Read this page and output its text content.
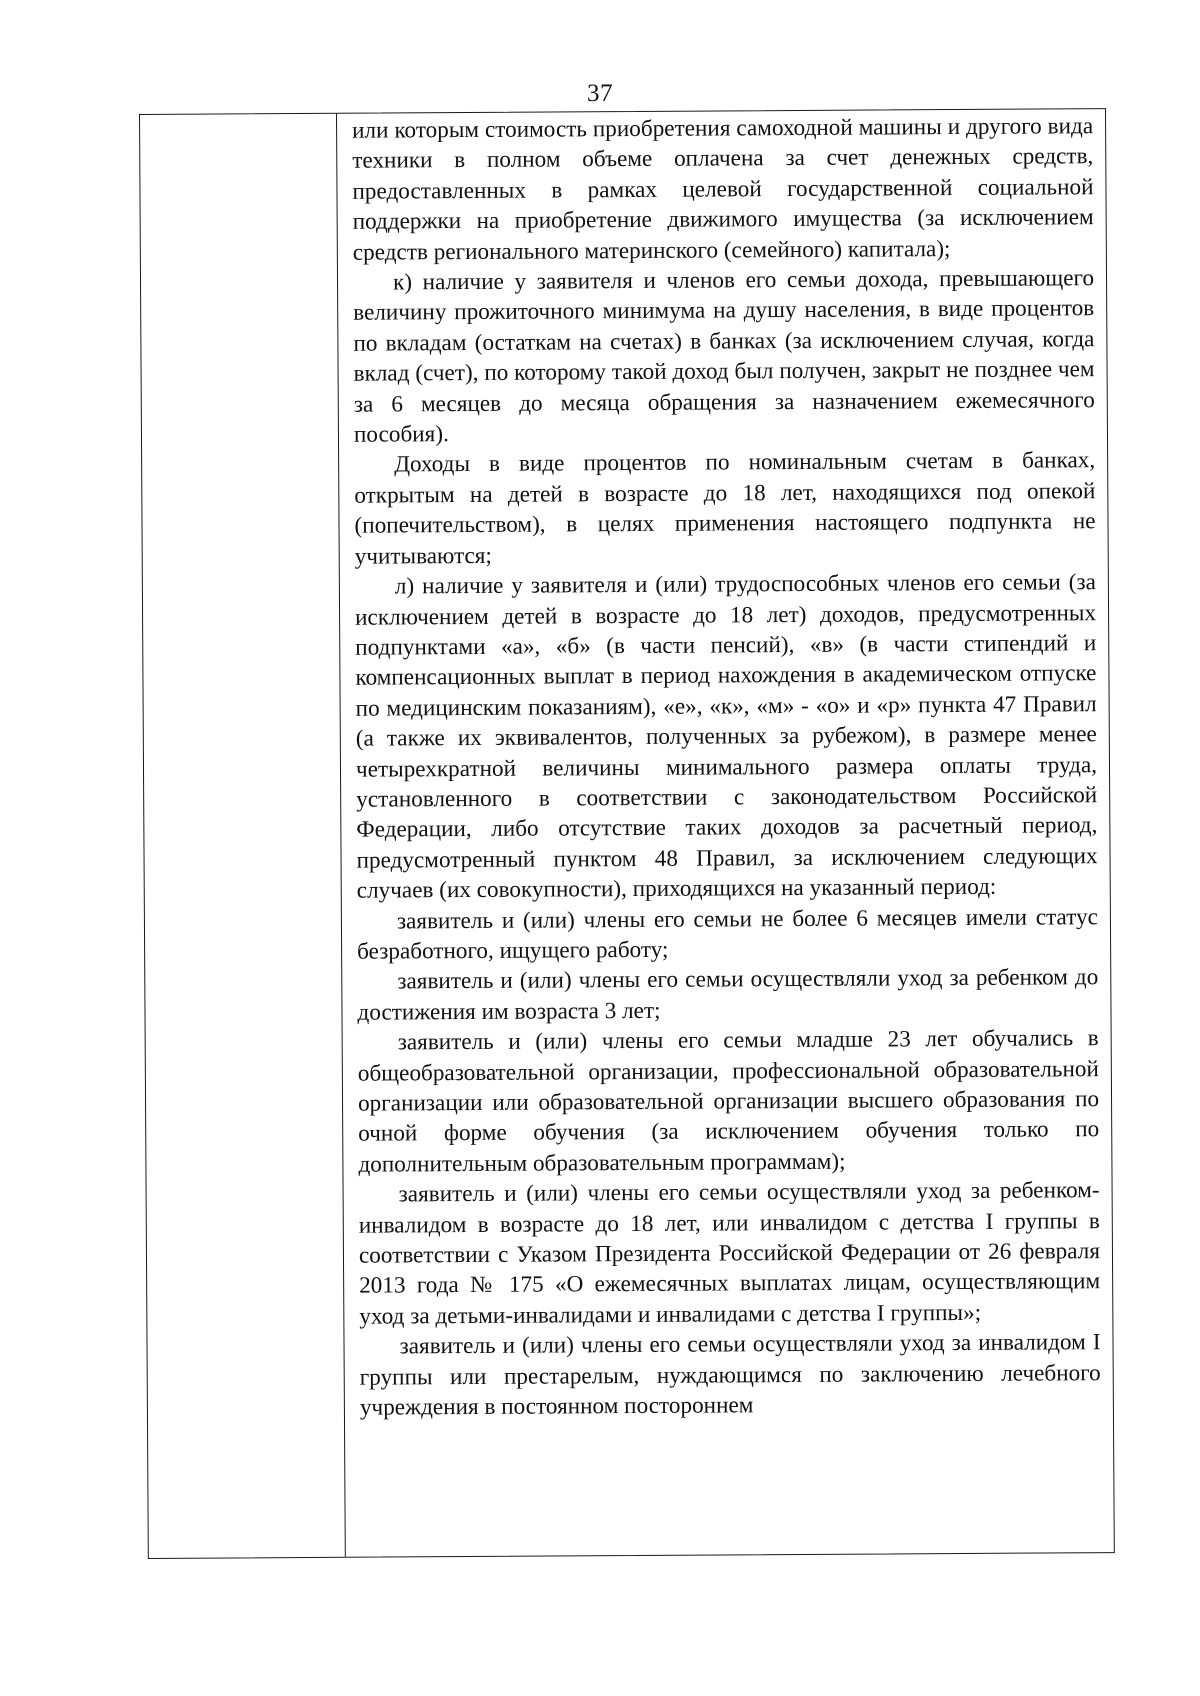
37

или которым стоимость приобретения самоходной машины и другого вида техники в полном объеме оплачена за счет денежных средств, предоставленных в рамках целевой государственной социальной поддержки на приобретение движимого имущества (за исключением средств регионального материнского (семейного) капитала);

к) наличие у заявителя и членов его семьи дохода, превышающего величину прожиточного минимума на душу населения, в виде процентов по вкладам (остаткам на счетах) в банках (за исключением случая, когда вклад (счет), по которому такой доход был получен, закрыт не позднее чем за 6 месяцев до месяца обращения за назначением ежемесячного пособия).

Доходы в виде процентов по номинальным счетам в банках, открытым на детей в возрасте до 18 лет, находящихся под опекой (попечительством), в целях применения настоящего подпункта не учитываются;

л) наличие у заявителя и (или) трудоспособных членов его семьи (за исключением детей в возрасте до 18 лет) доходов, предусмотренных подпунктами «а», «б» (в части пенсий), «в» (в части стипендий и компенсационных выплат в период нахождения в академическом отпуске по медицинским показаниям), «е», «к», «м» - «о» и «р» пункта 47 Правил (а также их эквивалентов, полученных за рубежом), в размере менее четырехкратной величины минимального размера оплаты труда, установленного в соответствии с законодательством Российской Федерации, либо отсутствие таких доходов за расчетный период, предусмотренный пунктом 48 Правил, за исключением следующих случаев (их совокупности), приходящихся на указанный период:

заявитель и (или) члены его семьи не более 6 месяцев имели статус безработного, ищущего работу;

заявитель и (или) члены его семьи осуществляли уход за ребенком до достижения им возраста 3 лет;

заявитель и (или) члены его семьи младше 23 лет обучались в общеобразовательной организации, профессиональной образовательной организации или образовательной организации высшего образования по очной форме обучения (за исключением обучения только по дополнительным образовательным программам);

заявитель и (или) члены его семьи осуществляли уход за ребенком-инвалидом в возрасте до 18 лет, или инвалидом с детства I группы в соответствии с Указом Президента Российской Федерации от 26 февраля 2013 года № 175 «О ежемесячных выплатах лицам, осуществляющим уход за детьми-инвалидами и инвалидами с детства I группы»;

заявитель и (или) члены его семьи осуществляли уход за инвалидом I группы или престарелым, нуждающимся по заключению лечебного учреждения в постоянном постороннем
